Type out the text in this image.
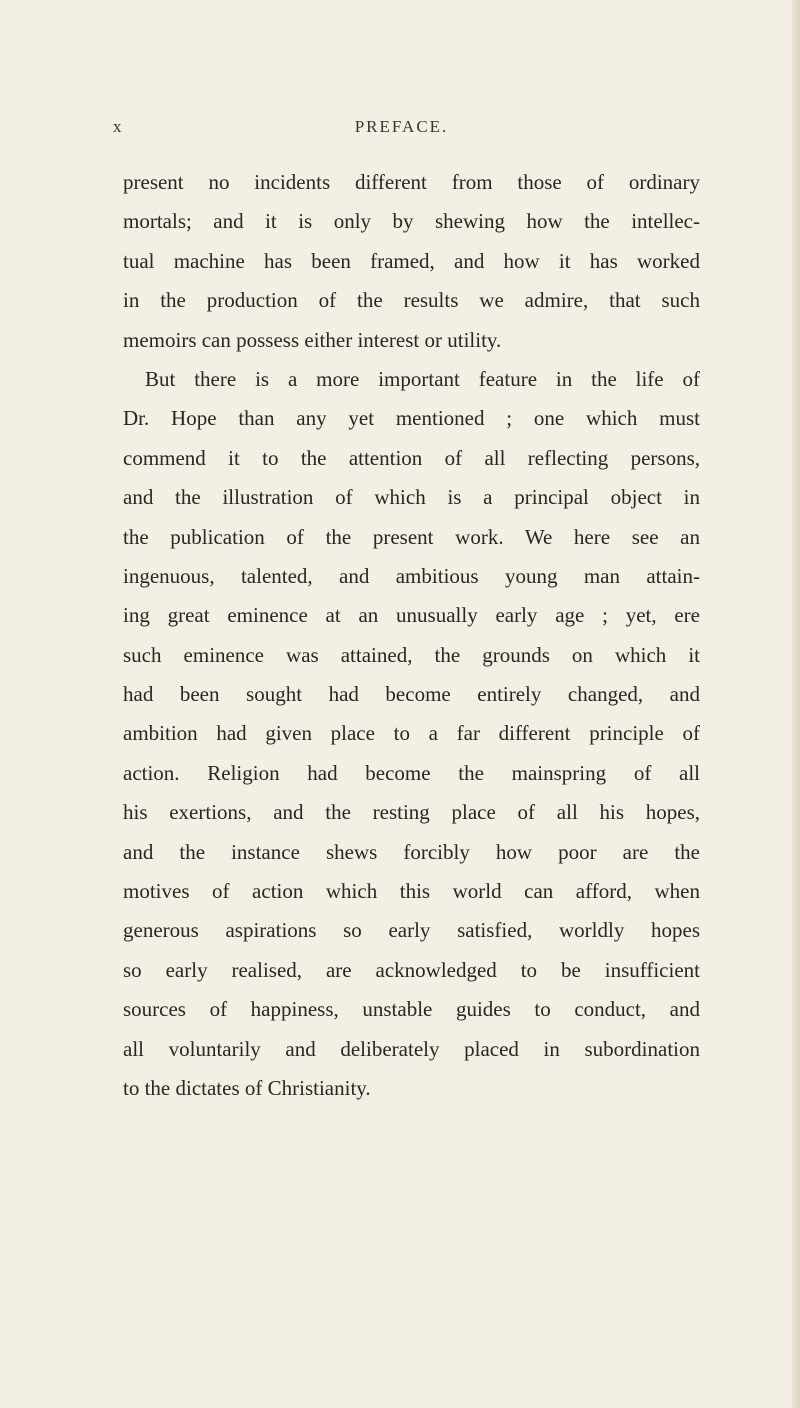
x	PREFACE.
present no incidents different from those of ordinary
mortals; and it is only by shewing how the intellec-
tual machine has been framed, and how it has worked
in the production of the results we admire, that such
memoirs can possess either interest or utility.
But there is a more important feature in the life of
Dr. Hope than any yet mentioned ; one which must
commend it to the attention of all reflecting persons,
and the illustration of which is a principal object in
the publication of the present work. We here see an
ingenuous, talented, and ambitious young man attain-
ing great eminence at an unusually early age ; yet, ere
such eminence was attained, the grounds on which it
had been sought had become entirely changed, and
ambition had given place to a far different principle of
action. Religion had become the mainspring of all
his exertions, and the resting place of all his hopes,
and the instance shews forcibly how poor are the
motives of action which this world can afford, when
generous aspirations so early satisfied, worldly hopes
so early realised, are acknowledged to be insufficient
sources of happiness, unstable guides to conduct, and
all voluntarily and deliberately placed in subordination
to the dictates of Christianity.
